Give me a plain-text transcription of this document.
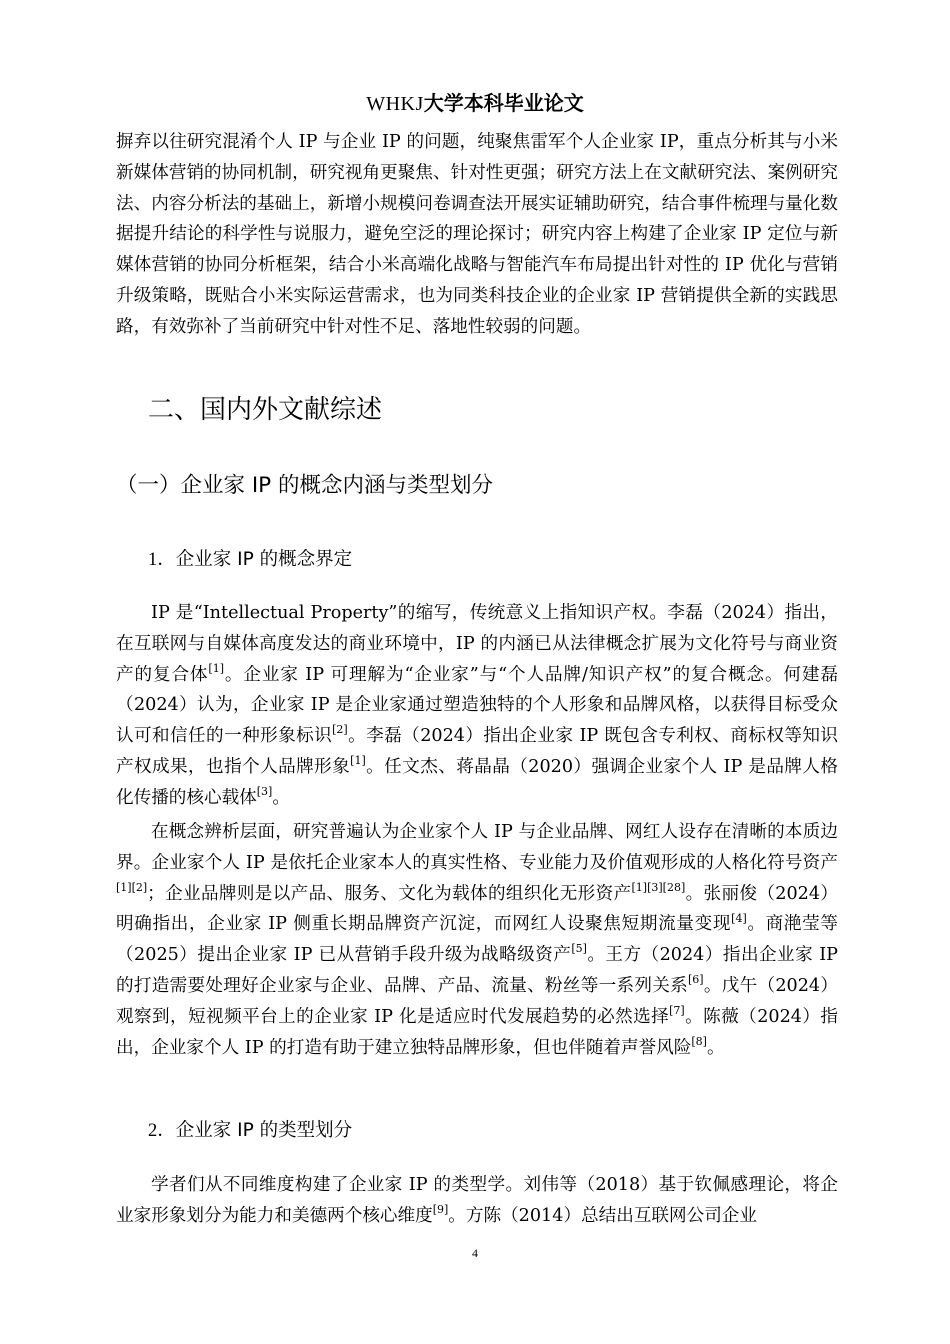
WHKJ大学本科毕业论文

摒弃以往研究混淆个人 IP 与企业 IP 的问题，纯聚焦雷军个人企业家 IP，重点分析其与小米新媒体营销的协同机制，研究视角更聚焦、针对性更强；研究方法上在文献研究法、案例研究法、内容分析法的基础上，新增小规模问卷调查法开展实证辅助研究，结合事件梳理与量化数据提升结论的科学性与说服力，避免空泛的理论探讨；研究内容上构建了企业家 IP 定位与新媒体营销的协同分析框架，结合小米高端化战略与智能汽车布局提出针对性的 IP 优化与营销升级策略，既贴合小米实际运营需求，也为同类科技企业的企业家 IP 营销提供全新的实践思路，有效弥补了当前研究中针对性不足、落地性较弱的问题。

二、国内外文献综述
（一）企业家 IP 的概念内涵与类型划分
1．企业家 IP 的概念界定

IP 是“Intellectual Property”的缩写，传统意义上指知识产权。李磊（2024）指出，在互联网与自媒体高度发达的商业环境中，IP 的内涵已从法律概念扩展为文化符号与商业资产的复合体[1]。企业家 IP 可理解为“企业家”与“个人品牌/知识产权”的复合概念。何建磊（2024）认为，企业家 IP 是企业家通过塑造独特的个人形象和品牌风格，以获得目标受众认可和信任的一种形象标识[2]。李磊（2024）指出企业家 IP 既包含专利权、商标权等知识产权成果，也指个人品牌形象[1]。任文杰、蒋晶晶（2020）强调企业家个人 IP 是品牌人格化传播的核心载体[3]。

在概念辨析层面，研究普遍认为企业家个人 IP 与企业品牌、网红人设存在清晰的本质边界。企业家个人 IP 是依托企业家本人的真实性格、专业能力及价值观形成的人格化符号资产[1][2]；企业品牌则是以产品、服务、文化为载体的组织化无形资产[1][3][28]。张丽俊（2024）明确指出，企业家 IP 侧重长期品牌资产沉淀，而网红人设聚焦短期流量变现[4]。商滟莹等（2025）提出企业家 IP 已从营销手段升级为战略级资产[5]。王方（2024）指出企业家 IP 的打造需要处理好企业家与企业、品牌、产品、流量、粉丝等一系列关系[6]。戊午（2024）观察到，短视频平台上的企业家 IP 化是适应时代发展趋势的必然选择[7]。陈薇（2024）指出，企业家个人 IP 的打造有助于建立独特品牌形象，但也伴随着声誉风险[8]。

2．企业家 IP 的类型划分

学者们从不同维度构建了企业家 IP 的类型学。刘伟等（2018）基于钦佩感理论，将企业家形象划分为能力和美德两个核心维度[9]。方陈（2014）总结出互联网公司企业

4
